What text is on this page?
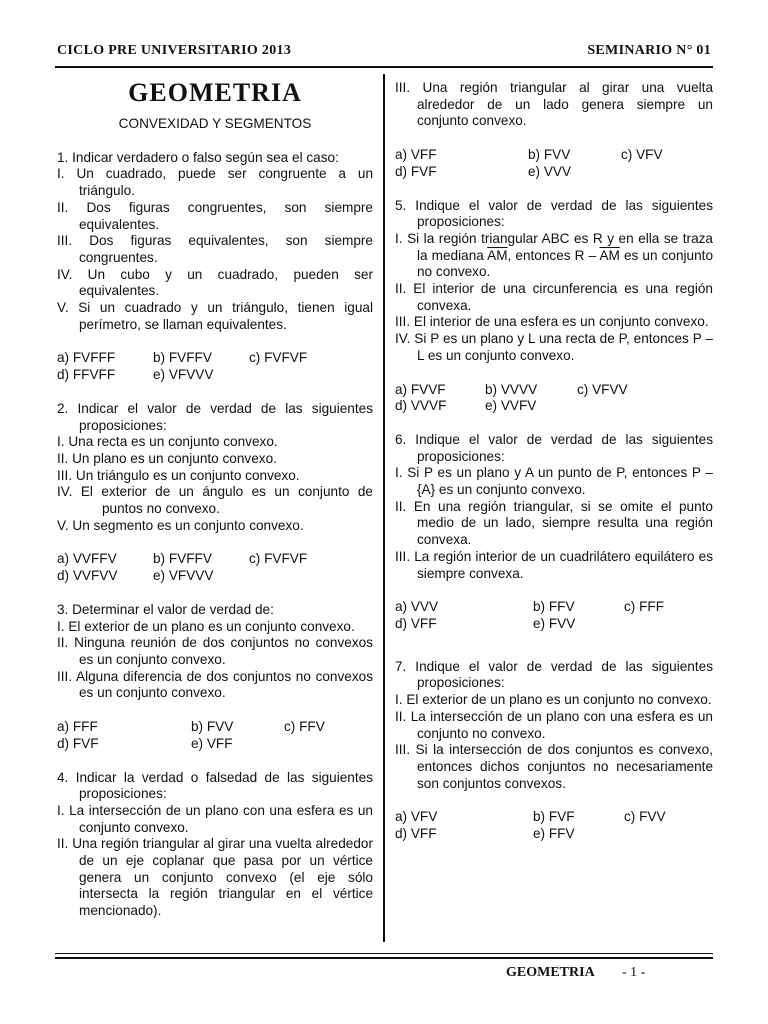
CICLO PRE UNIVERSITARIO 2013	SEMINARIO N° 01
GEOMETRIA
CONVEXIDAD Y SEGMENTOS
1. Indicar verdadero o falso según sea el caso:
I. Un cuadrado, puede ser congruente a un triángulo.
II. Dos figuras congruentes, son siempre equivalentes.
III. Dos figuras equivalentes, son siempre congruentes.
IV. Un cubo y un cuadrado, pueden ser equivalentes.
V. Si un cuadrado y un triángulo, tienen igual perímetro, se llaman equivalentes.
a) FVFFF	b) FVFFV	c) FVFVF
d) FFVFF	e) VFVVV
2. Indicar el valor de verdad de las siguientes proposiciones:
I. Una recta es un conjunto convexo.
II. Un plano es un conjunto convexo.
III. Un triángulo es un conjunto convexo.
IV. El exterior de un ángulo es un conjunto de puntos no convexo.
V. Un segmento es un conjunto convexo.
a) VVFFV	b) FVFFV	c) FVFVF
d) VVFVV	e) VFVVV
3. Determinar el valor de verdad de:
I. El exterior de un plano es un conjunto convexo.
II. Ninguna reunión de dos conjuntos no convexos es un conjunto convexo.
III. Alguna diferencia de dos conjuntos no convexos es un conjunto convexo.
a) FFF	b) FVV	c) FFV
d) FVF	e) VFF
4. Indicar la verdad o falsedad de las siguientes proposiciones:
I. La intersección de un plano con una esfera es un conjunto convexo.
II. Una región triangular al girar una vuelta alrededor de un eje coplanar que pasa por un vértice genera un conjunto convexo (el eje sólo intersecta la región triangular en el vértice mencionado).
III. Una región triangular al girar una vuelta alrededor de un lado genera siempre un conjunto convexo.
a) VFF	b) FVV	c) VFV
d) FVF	e) VVV
5. Indique el valor de verdad de las siguientes proposiciones:
I. Si la región triangular ABC es R y en ella se traza la mediana $\overline{AM}$, entonces R – $\overline{AM}$ es un conjunto no convexo.
II. El interior de una circunferencia es una región convexa.
III. El interior de una esfera es un conjunto convexo.
IV. Si P es un plano y L una recta de P, entonces P – L es un conjunto convexo.
a) FVVF	b) VVVV	c) VFVV
d) VVVF	e) VVFV
6. Indique el valor de verdad de las siguientes proposiciones:
I. Si P es un plano y A un punto de P, entonces P – {A} es un conjunto convexo.
II. En una región triangular, si se omite el punto medio de un lado, siempre resulta una región convexa.
III. La región interior de un cuadrilátero equilátero es siempre convexa.
a) VVV	b) FFV	c) FFF
d) VFF	e) FVV
7. Indique el valor de verdad de las siguientes proposiciones:
I. El exterior de un plano es un conjunto no convexo.
II. La intersección de un plano con una esfera es un conjunto no convexo.
III. Si la intersección de dos conjuntos es convexo, entonces dichos conjuntos no necesariamente son conjuntos convexos.
a) VFV	b) FVF	c) FVV
d) VFF	e) FFV
GEOMETRIA - 1 -
